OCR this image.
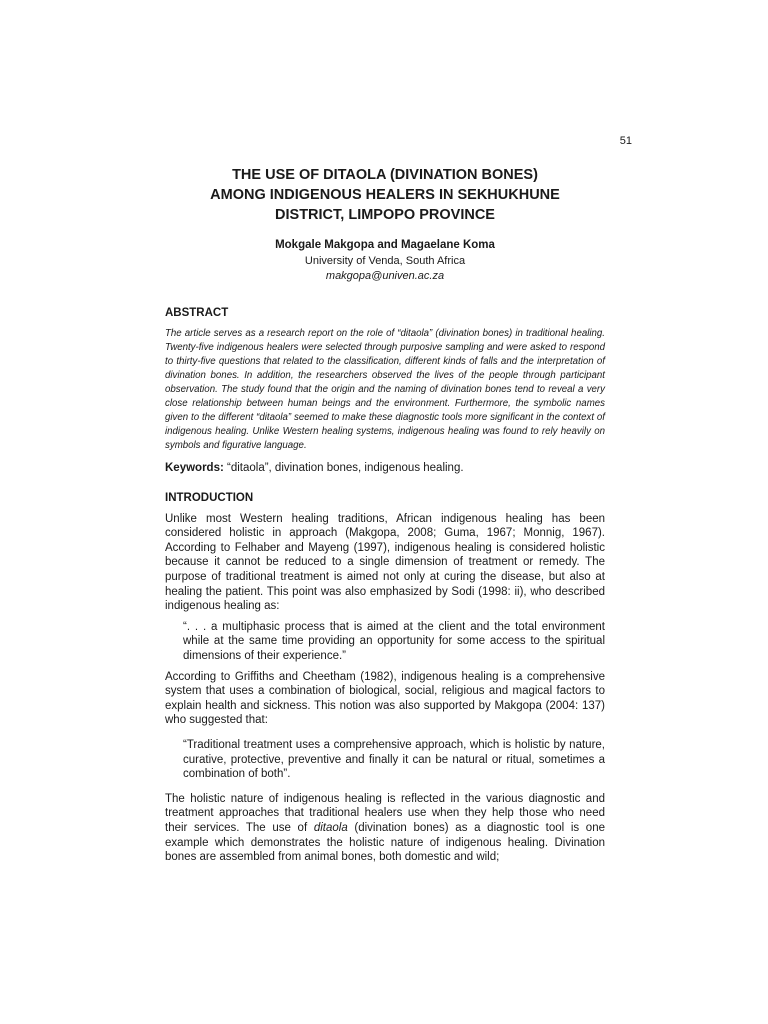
51
THE USE OF DITAOLA (DIVINATION BONES)
AMONG INDIGENOUS HEALERS IN SEKHUKHUNE
DISTRICT, LIMPOPO PROVINCE
Mokgale Makgopa and Magaelane Koma
University of Venda, South Africa
makgopa@univen.ac.za
ABSTRACT

The article serves as a research report on the role of “ditaola” (divination bones) in traditional healing. Twenty-five indigenous healers were selected through purposive sampling and were asked to respond to thirty-five questions that related to the classification, different kinds of falls and the interpretation of divination bones. In addition, the researchers observed the lives of the people through participant observation. The study found that the origin and the naming of divination bones tend to reveal a very close relationship between human beings and the environment. Furthermore, the symbolic names given to the different “ditaola” seemed to make these diagnostic tools more significant in the context of indigenous healing. Unlike Western healing systems, indigenous healing was found to rely heavily on symbols and figurative language.

Keywords: “ditaola”, divination bones, indigenous healing.

INTRODUCTION

Unlike most Western healing traditions, African indigenous healing has been considered holistic in approach (Makgopa, 2008; Guma, 1967; Monnig, 1967). According to Felhaber and Mayeng (1997), indigenous healing is considered holistic because it cannot be reduced to a single dimension of treatment or remedy. The purpose of traditional treatment is aimed not only at curing the disease, but also at healing the patient. This point was also emphasized by Sodi (1998: ii), who described indigenous healing as:

“. . . a multiphasic process that is aimed at the client and the total environment while at the same time providing an opportunity for some access to the spiritual dimensions of their experience.”

According to Griffiths and Cheetham (1982), indigenous healing is a comprehensive system that uses a combination of biological, social, religious and magical factors to explain health and sickness. This notion was also supported by Makgopa (2004: 137) who suggested that:

“Traditional treatment uses a comprehensive approach, which is holistic by nature, curative, protective, preventive and finally it can be natural or ritual, sometimes a combination of both”.

The holistic nature of indigenous healing is reflected in the various diagnostic and treatment approaches that traditional healers use when they help those who need their services. The use of ditaola (divination bones) as a diagnostic tool is one example which demonstrates the holistic nature of indigenous healing. Divination bones are assembled from animal bones, both domestic and wild;
